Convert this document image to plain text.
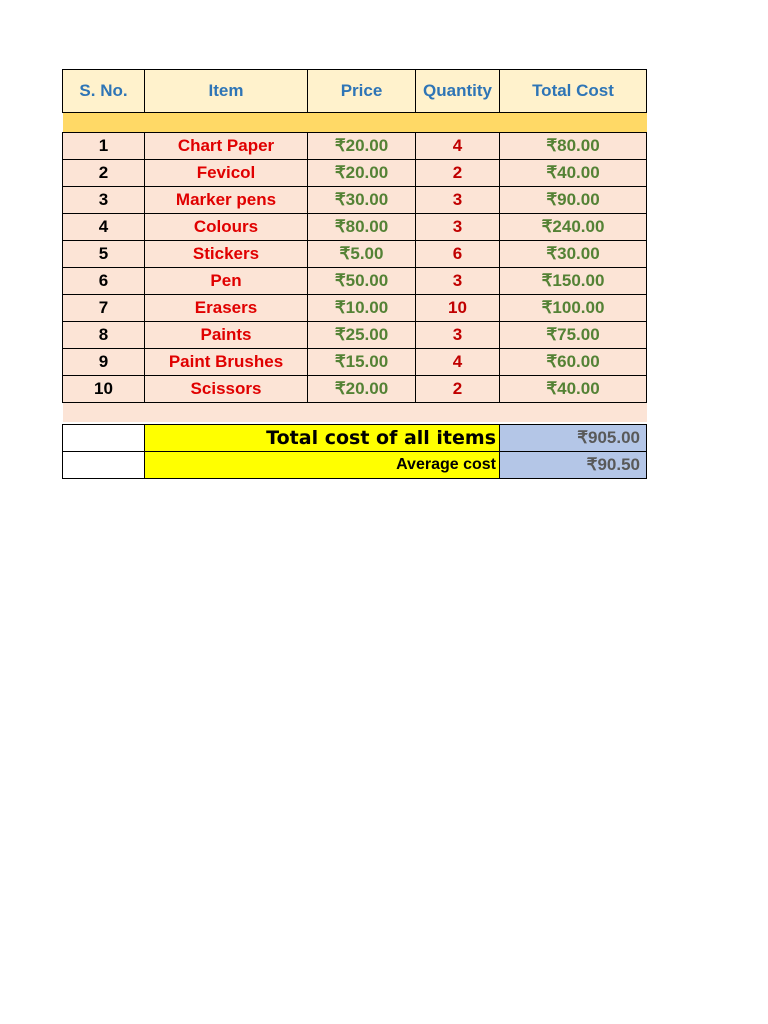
S. No.	Item	Price	Quantity	Total Cost

1	Chart Paper	₹20.00	4	₹80.00
2	Fevicol	₹20.00	2	₹40.00
3	Marker pens	₹30.00	3	₹90.00
4	Colours	₹80.00	3	₹240.00
5	Stickers	₹5.00	6	₹30.00
6	Pen	₹50.00	3	₹150.00
7	Erasers	₹10.00	10	₹100.00
8	Paints	₹25.00	3	₹75.00
9	Paint Brushes	₹15.00	4	₹60.00
10	Scissors	₹20.00	2	₹40.00

	Total cost of all items			₹905.00
	Average cost			₹90.50
